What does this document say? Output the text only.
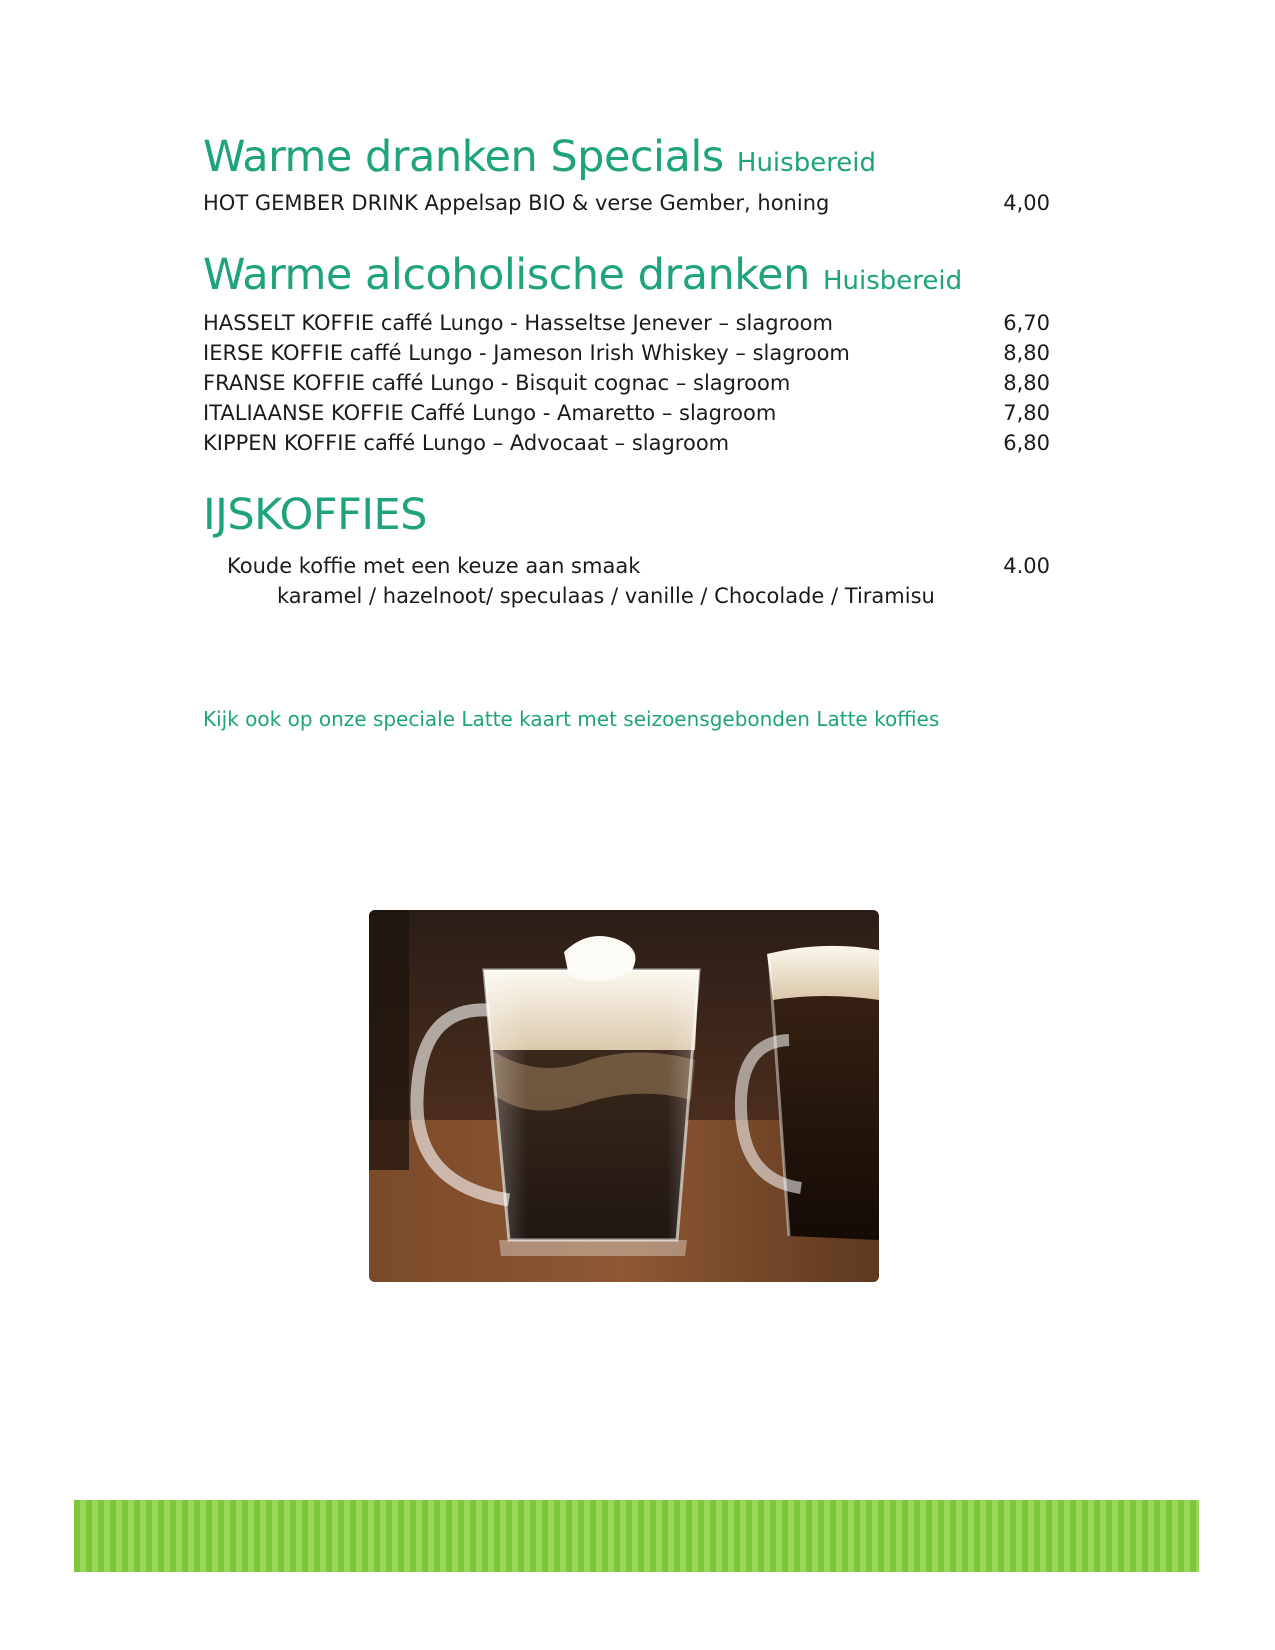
Warme dranken Specials Huisbereid
HOT GEMBER DRINK Appelsap BIO & verse Gember, honing	4,00
Warme alcoholische dranken Huisbereid
HASSELT KOFFIE caffé Lungo - Hasseltse Jenever – slagroom	6,70
IERSE KOFFIE caffé Lungo - Jameson Irish Whiskey – slagroom	8,80
FRANSE KOFFIE caffé Lungo - Bisquit cognac – slagroom	8,80
ITALIAANSE KOFFIE Caffé Lungo - Amaretto – slagroom	7,80
KIPPEN KOFFIE caffé Lungo – Advocaat – slagroom	6,80
IJSKOFFIES
Koude koffie met een keuze aan smaak	4.00
karamel / hazelnoot/ speculaas / vanille / Chocolade / Tiramisu
Kijk ook op onze speciale Latte kaart met seizoensgebonden Latte koffies
